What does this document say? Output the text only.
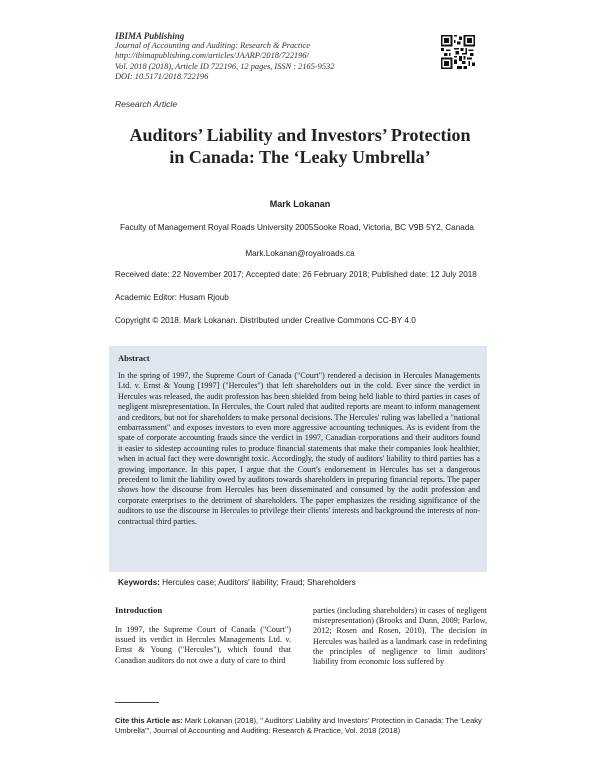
IBIMA Publishing
Journal of Accounting and Auditing: Research & Practice
http://ibimapublishing.com/articles/JAARP/2018/722196/
Vol. 2018 (2018), Article ID 722196, 12 pages, ISSN : 2165-9532
DOI: 10.5171/2018.722196
Research Article
Auditors’ Liability and Investors’ Protection
in Canada: The ‘Leaky Umbrella’
Mark Lokanan
Faculty of Management Royal Roads University 2005Sooke Road, Victoria, BC V9B 5Y2, Canada
Mark.Lokanan@royalroads.ca
Received date: 22 November 2017; Accepted date: 26 February 2018; Published date: 12 July 2018
Academic Editor: Husam Rjoub
Copyright © 2018. Mark Lokanan. Distributed under Creative Commons CC-BY 4.0
Abstract
In the spring of 1997, the Supreme Court of Canada ("Court") rendered a decision in Hercules Managements Ltd. v. Ernst & Young [1997] ("Hercules") that left shareholders out in the cold. Ever since the verdict in Hercules was released, the audit profession has been shielded from being held liable to third parties in cases of negligent misrepresentation. In Hercules, the Court ruled that audited reports are meant to inform management and creditors, but not for shareholders to make personal decisions. The Hercules' ruling was labelled a "national embarrassment" and exposes investors to even more aggressive accounting techniques. As is evident from the spate of corporate accounting frauds since the verdict in 1997, Canadian corporations and their auditors found it easier to sidestep accounting rules to produce financial statements that make their companies look healthier, when in actual fact they were downright toxic. Accordingly, the study of auditors' liability to third parties has a growing importance. In this paper, I argue that the Court's endorsement in Hercules has set a dangerous precedent to limit the liability owed by auditors towards shareholders in preparing financial reports. The paper shows how the discourse from Hercules has been disseminated and consumed by the audit profession and corporate enterprises to the detriment of shareholders. The paper emphasizes the residing significance of the auditors to use the discourse in Hercules to privilege their clients' interests and background the interests of non-contractual third parties.
Keywords: Hercules case; Auditors' liability; Fraud; Shareholders
Introduction
In 1997, the Supreme Court of Canada ("Court") issued its verdict in Hercules Managements Ltd. v. Ernst & Young ("Hercules"), which found that Canadian auditors do not owe a duty of care to third
parties (including shareholders) in cases of negligent misrepresentation) (Brooks and Dunn, 2009; Parlow, 2012; Rosen and Rosen, 2010). The decision in Hercules was hailed as a landmark case in redefining the principles of negligence to limit auditors' liability from economic loss suffered by
Cite this Article as: Mark Lokanan (2018), " Auditors' Liability and Investors' Protection in Canada: The 'Leaky Umbrella'", Journal of Accounting and Auditing: Research & Practice, Vol. 2018 (2018)
